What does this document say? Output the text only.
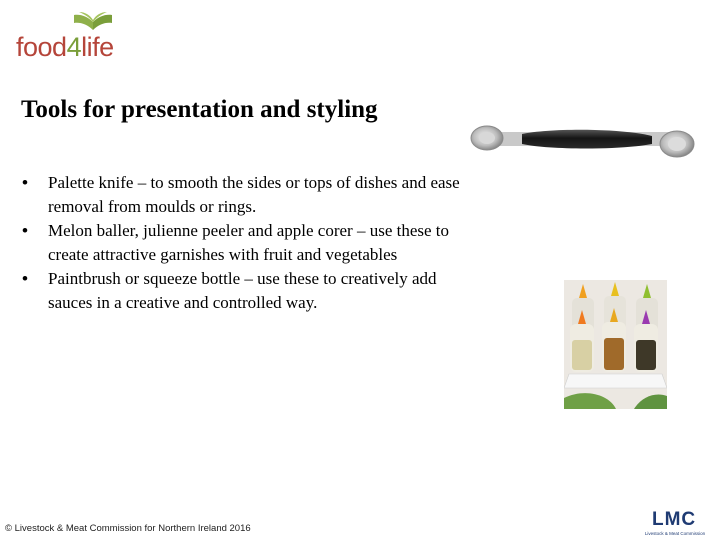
food4life
Tools for presentation and styling
• Palette knife – to smooth the sides or tops of dishes and ease removal from moulds or rings.
• Melon baller, julienne peeler and apple corer – use these to create attractive garnishes with fruit and vegetables
• Paintbrush or squeeze bottle – use these to creatively add sauces in a creative and controlled way.
© Livestock & Meat Commission for Northern Ireland 2016	LMC
Livestock & Meat Commission
